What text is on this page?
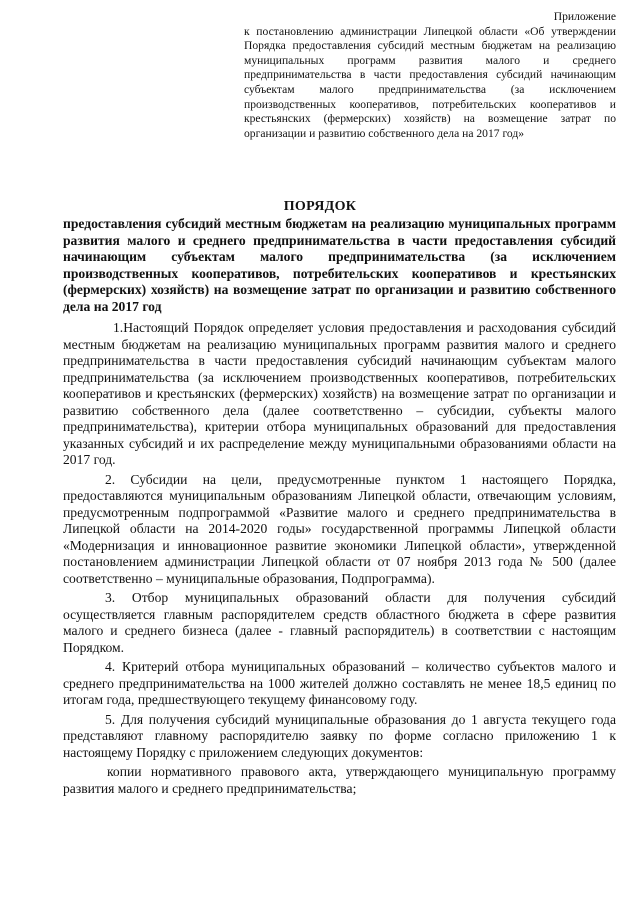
Приложение
к постановлению администрации Липецкой области «Об утверждении Порядка предоставления субсидий местным бюджетам на реализацию муниципальных программ развития малого и среднего предпринимательства в части предоставления субсидий начинающим субъектам малого предпринимательства (за исключением производственных кооперативов, потребительских кооперативов и крестьянских (фермерских) хозяйств) на возмещение затрат по организации и развитию собственного дела на 2017 год»
ПОРЯДОК
предоставления субсидий местным бюджетам на реализацию муниципальных программ развития малого и среднего предпринимательства в части предоставления субсидий начинающим субъектам малого предпринимательства (за исключением производственных кооперативов, потребительских кооперативов и крестьянских (фермерских) хозяйств) на возмещение затрат по организации и развитию собственного дела на 2017 год

1.Настоящий Порядок определяет условия предоставления и расходования субсидий местным бюджетам на реализацию муниципальных программ развития малого и среднего предпринимательства в части предоставления субсидий начинающим субъектам малого предпринимательства (за исключением производственных кооперативов, потребительских кооперативов и крестьянских (фермерских) хозяйств) на возмещение затрат по организации и развитию собственного дела (далее соответственно – субсидии, субъекты малого предпринимательства), критерии отбора муниципальных образований для предоставления указанных субсидий и их распределение между муниципальными образованиями области на 2017 год.

2. Субсидии на цели, предусмотренные пунктом 1 настоящего Порядка, предоставляются муниципальным образованиям Липецкой области, отвечающим условиям, предусмотренным подпрограммой «Развитие малого и среднего предпринимательства в Липецкой области на 2014-2020 годы» государственной программы Липецкой области «Модернизация и инновационное развитие экономики Липецкой области», утвержденной постановлением администрации Липецкой области от 07 ноября 2013 года № 500 (далее соответственно – муниципальные образования, Подпрограмма).

3. Отбор муниципальных образований области для получения субсидий осуществляется главным распорядителем средств областного бюджета в сфере развития малого и среднего бизнеса (далее - главный распорядитель) в соответствии с настоящим Порядком.

4. Критерий отбора муниципальных образований – количество субъектов малого и среднего предпринимательства на 1000 жителей должно составлять не менее 18,5 единиц по итогам года, предшествующего текущему финансовому году.

5. Для получения субсидий муниципальные образования до 1 августа текущего года представляют главному распорядителю заявку по форме согласно приложению 1 к настоящему Порядку с приложением следующих документов:

копии нормативного правового акта, утверждающего муниципальную программу развития малого и среднего предпринимательства;
